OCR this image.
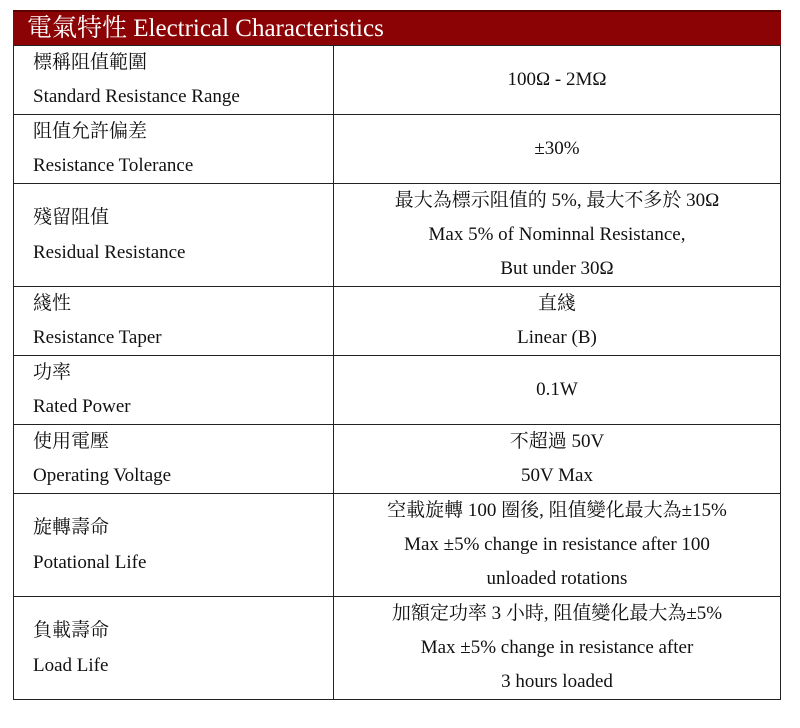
電氣特性 Electrical Characteristics
標稱阻值範圍
Standard Resistance Range	100Ω - 2MΩ

阻值允許偏差
Resistance Tolerance	±30%

殘留阻值
Residual Resistance	最大為標示阻值的 5%, 最大不多於 30Ω
Max 5% of Nominnal Resistance,
But under 30Ω

綫性
Resistance Taper	直綫
Linear (B)

功率
Rated Power	0.1W

使用電壓
Operating Voltage	不超過 50V
50V Max

旋轉壽命
Potational Life	空載旋轉 100 圈後, 阻值變化最大為±15%
Max ±5% change in resistance after 100
unloaded rotations

負載壽命
Load Life	加額定功率 3 小時, 阻值變化最大為±5%
Max ±5% change in resistance after
3 hours loaded
